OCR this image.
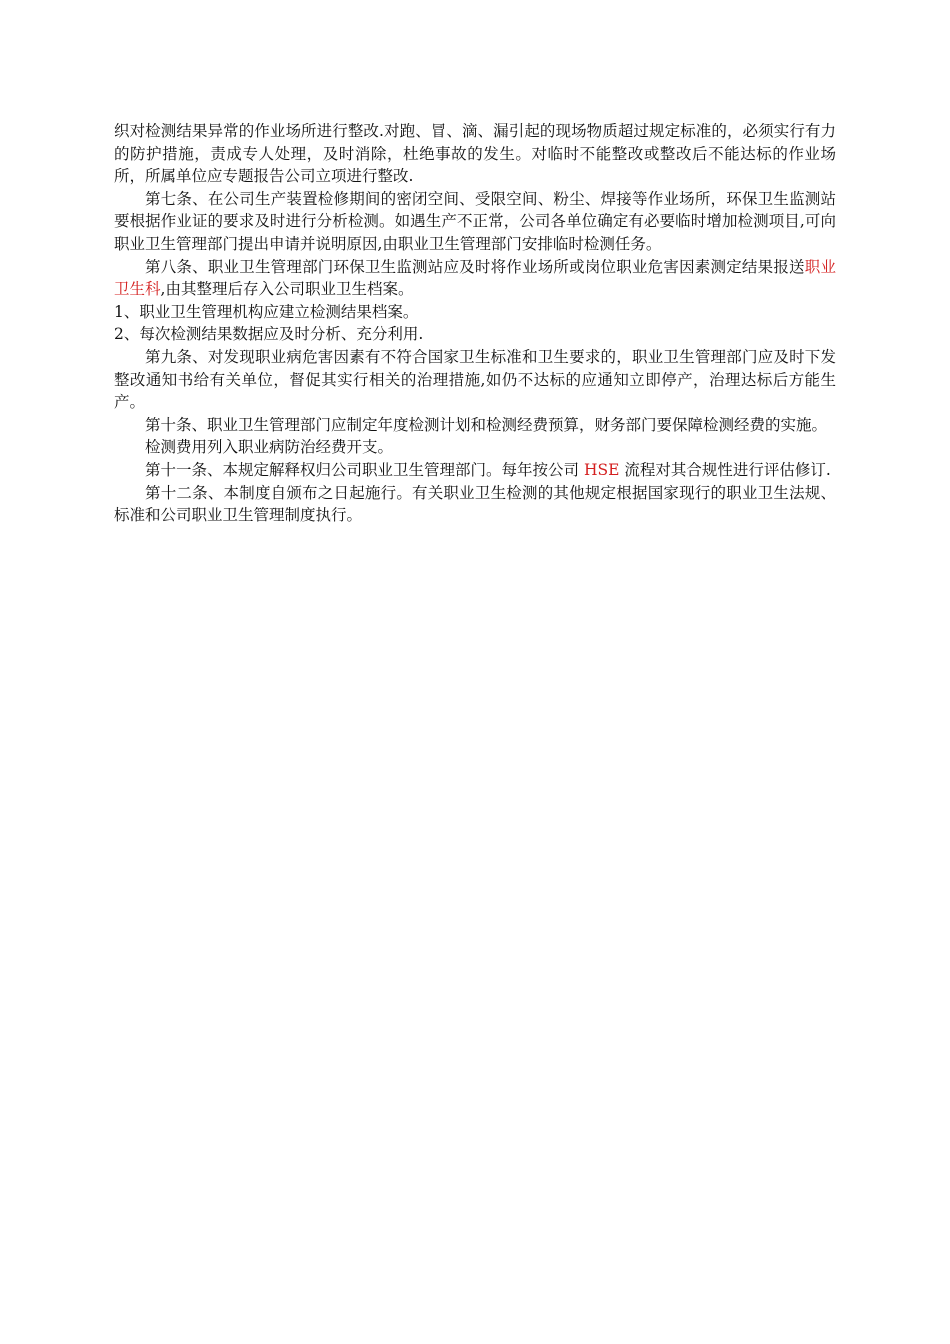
织对检测结果异常的作业场所进行整改.对跑、冒、滴、漏引起的现场物质超过规定标准的，必须实行有力的防护措施，责成专人处理，及时消除，杜绝事故的发生。对临时不能整改或整改后不能达标的作业场所，所属单位应专题报告公司立项进行整改.

第七条、在公司生产装置检修期间的密闭空间、受限空间、粉尘、焊接等作业场所，环保卫生监测站要根据作业证的要求及时进行分析检测。如遇生产不正常，公司各单位确定有必要临时增加检测项目,可向职业卫生管理部门提出申请并说明原因,由职业卫生管理部门安排临时检测任务。

第八条、职业卫生管理部门环保卫生监测站应及时将作业场所或岗位职业危害因素测定结果报送职业卫生科,由其整理后存入公司职业卫生档案。

1、职业卫生管理机构应建立检测结果档案。

2、每次检测结果数据应及时分析、充分利用.

第九条、对发现职业病危害因素有不符合国家卫生标准和卫生要求的，职业卫生管理部门应及时下发整改通知书给有关单位，督促其实行相关的治理措施,如仍不达标的应通知立即停产，治理达标后方能生产。

第十条、职业卫生管理部门应制定年度检测计划和检测经费预算，财务部门要保障检测经费的实施。

检测费用列入职业病防治经费开支。

第十一条、本规定解释权归公司职业卫生管理部门。每年按公司 HSE 流程对其合规性进行评估修订.

第十二条、本制度自颁布之日起施行。有关职业卫生检测的其他规定根据国家现行的职业卫生法规、标准和公司职业卫生管理制度执行。
